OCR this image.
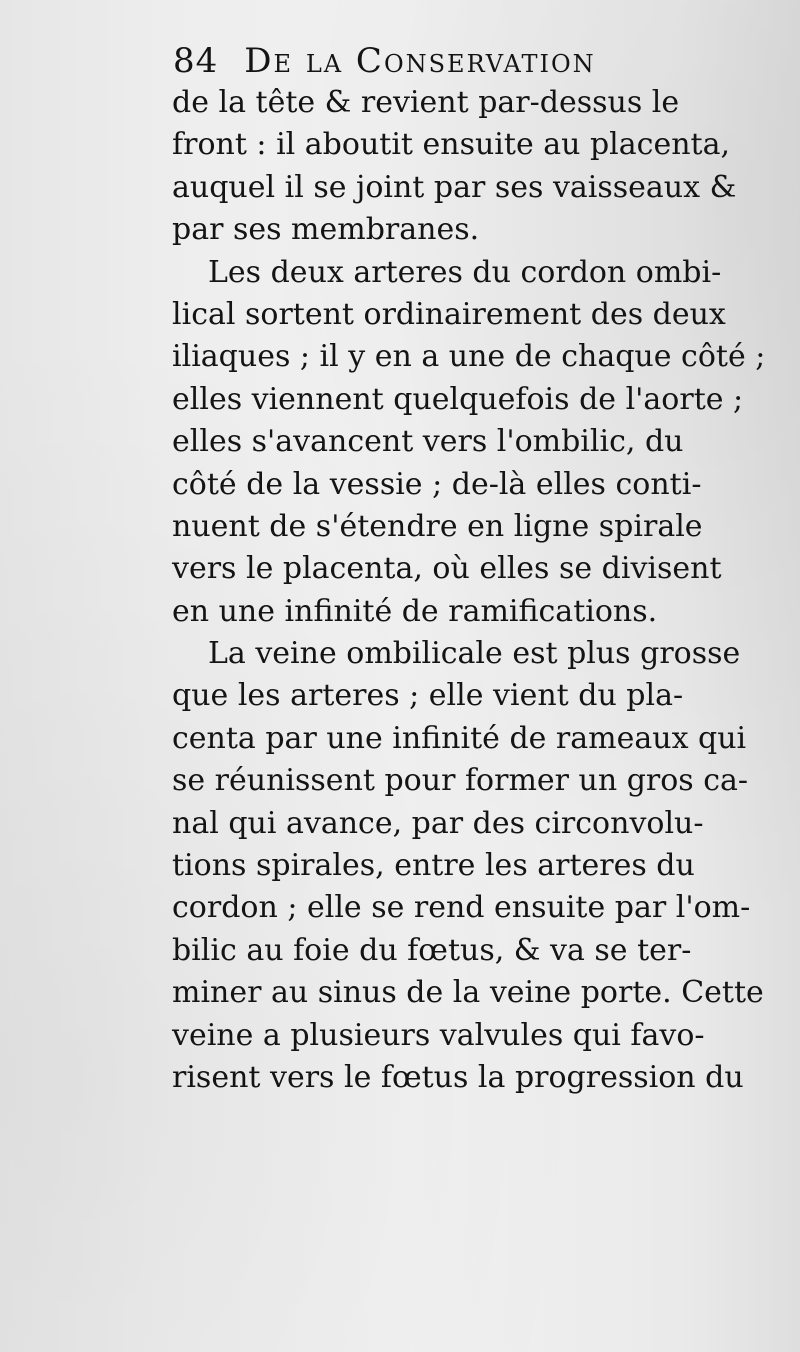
84 De la Conservation
de la tête & revient par-dessus le
front : il aboutit ensuite au placenta,
auquel il se joint par ses vaisseaux &
par ses membranes.
Les deux arteres du cordon ombi-
lical sortent ordinairement des deux
iliaques ; il y en a une de chaque côté ;
elles viennent quelquefois de l'aorte ;
elles s'avancent vers l'ombilic, du
côté de la vessie ; de-là elles conti-
nuent de s'étendre en ligne spirale
vers le placenta, où elles se divisent
en une infinité de ramifications.
La veine ombilicale est plus grosse
que les arteres ; elle vient du pla-
centa par une infinité de rameaux qui
se réunissent pour former un gros ca-
nal qui avance, par des circonvolu-
tions spirales, entre les arteres du
cordon ; elle se rend ensuite par l'om-
bilic au foie du fœtus, & va se ter-
miner au sinus de la veine porte. Cette
veine a plusieurs valvules qui favo-
risent vers le fœtus la progression du
